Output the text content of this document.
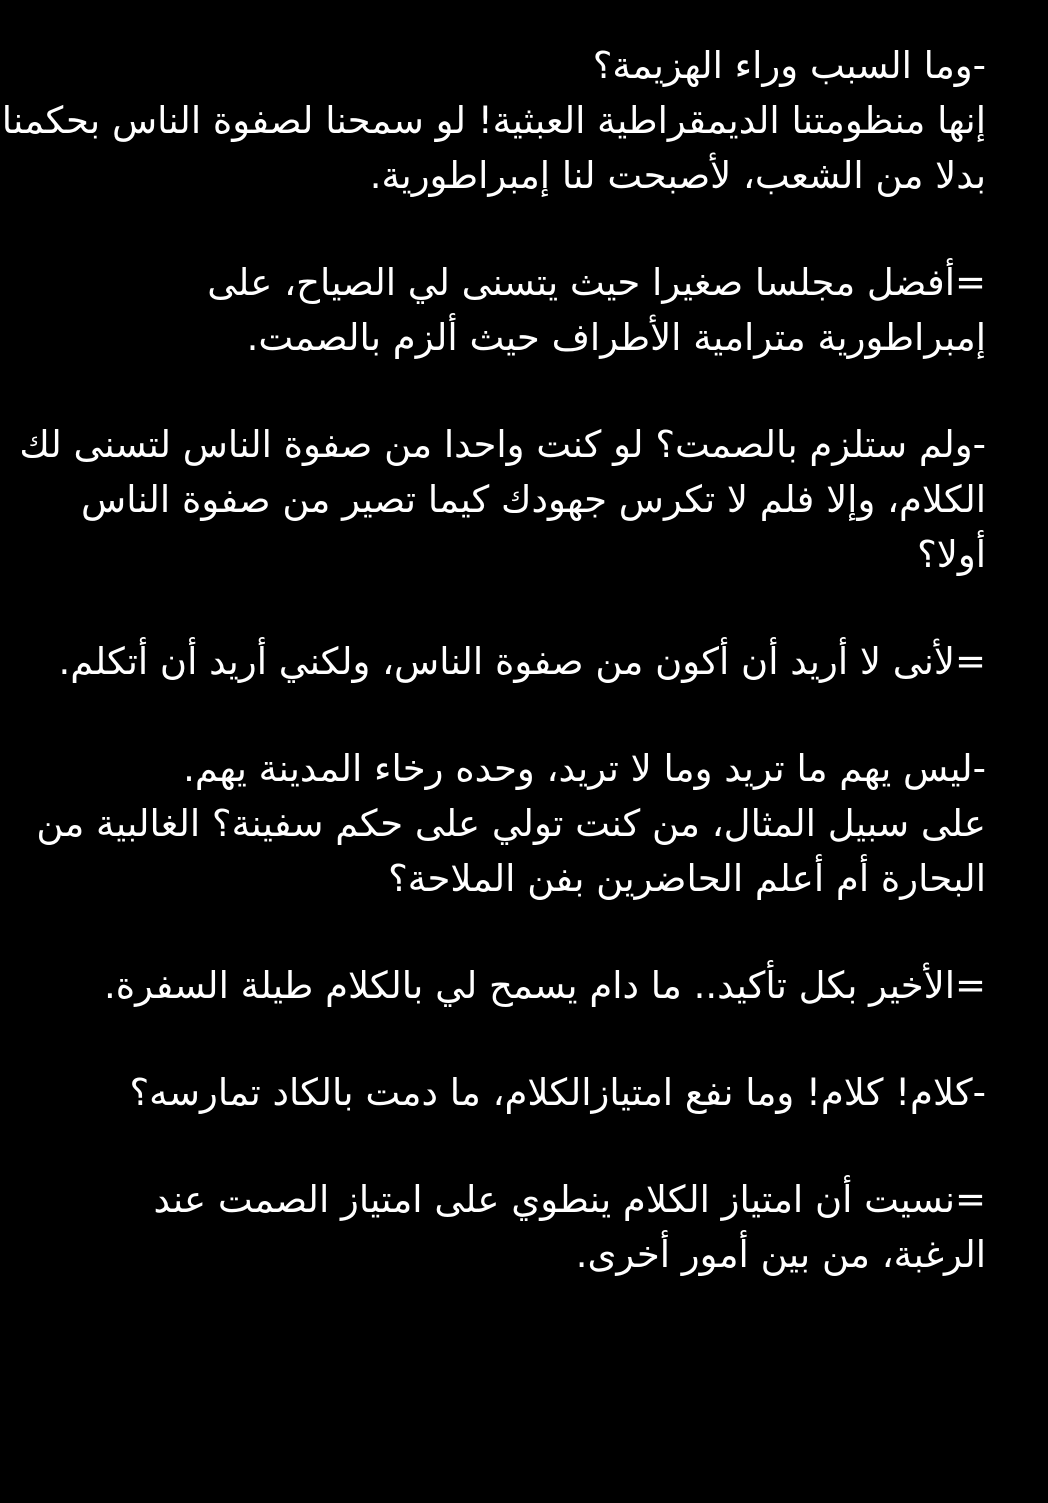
-وما السبب وراء الهزيمة؟
إنها منظومتنا الديمقراطية العبثية! لو سمحنا لصفوة الناس بحكمنا
بدلا من الشعب، لأصبحت لنا إمبراطورية.

=أفضل مجلسا صغيرا حيث يتسنى لي الصياح، على
إمبراطورية مترامية الأطراف حيث ألزم بالصمت.

-ولم ستلزم بالصمت؟ لو كنت واحدا من صفوة الناس لتسنى لك
الكلام، وإلا فلم لا تكرس جهودك كيما تصير من صفوة الناس
أولا؟

=لأنى لا أريد أن أكون من صفوة الناس، ولكني أريد أن أتكلم.

-ليس يهم ما تريد وما لا تريد، وحده رخاء المدينة يهم.
على سبيل المثال، من كنت تولي على حكم سفينة؟ الغالبية من
البحارة أم أعلم الحاضرين بفن الملاحة؟

=الأخير بكل تأكيد.. ما دام يسمح لي بالكلام طيلة السفرة.

-كلام! كلام! وما نفع امتيازالكلام، ما دمت بالكاد تمارسه؟

=نسيت أن امتياز الكلام ينطوي على امتياز الصمت عند
الرغبة، من بين أمور أخرى.
